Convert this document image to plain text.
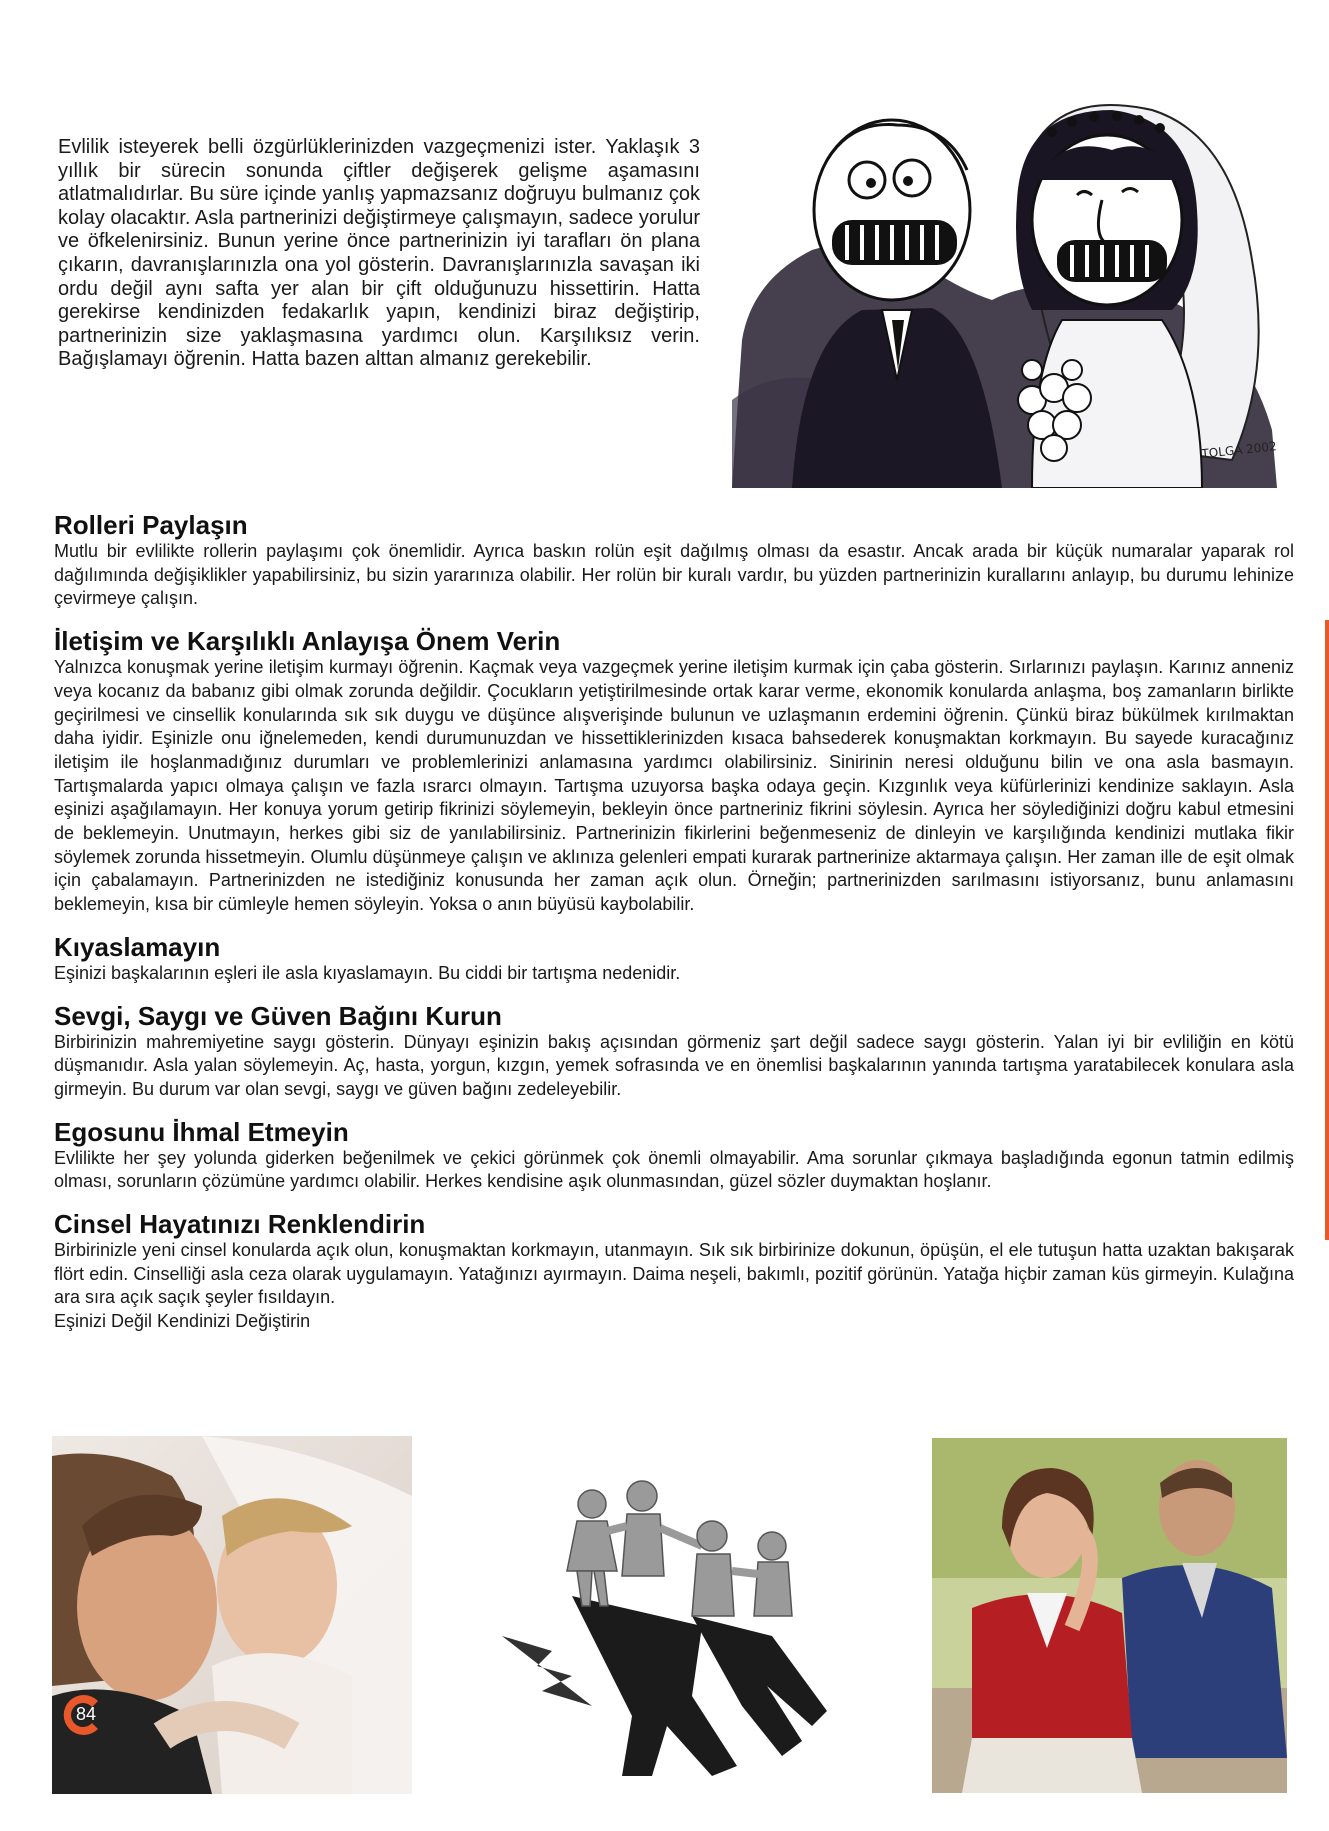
Evlilik isteyerek belli özgürlüklerinizden vazgeçmenizi ister. Yaklaşık 3 yıllık bir sürecin sonunda çiftler değişerek gelişme aşamasını atlatmalıdırlar. Bu süre içinde yanlış yapmazsanız doğruyu bulmanız çok kolay olacaktır. Asla partnerinizi değiştirmeye çalışmayın, sadece yorulur ve öfkelenirsiniz. Bunun yerine önce partnerinizin iyi tarafları ön plana çıkarın, davranışlarınızla ona yol gösterin. Davranışlarınızla savaşan iki ordu değil aynı safta yer alan bir çift olduğunuzu hissettirin. Hatta gerekirse kendinizden fedakarlık yapın, kendinizi biraz değiştirip, partnerinizin size yaklaşmasına yardımcı olun. Karşılıksız verin. Bağışlamayı öğrenin. Hatta bazen alttan almanız gerekebilir.

TOLGA 2002
Rolleri Paylaşın

Mutlu bir evlilikte rollerin paylaşımı çok önemlidir. Ayrıca baskın rolün eşit dağılmış olması da esastır. Ancak arada bir küçük numaralar yaparak rol dağılımında değişiklikler yapabilirsiniz, bu sizin yararınıza olabilir. Her rolün bir kuralı vardır, bu yüzden partnerinizin kurallarını anlayıp, bu durumu lehinize çevirmeye çalışın.

İletişim ve Karşılıklı Anlayışa Önem Verin

Yalnızca konuşmak yerine iletişim kurmayı öğrenin. Kaçmak veya vazgeçmek yerine iletişim kurmak için çaba gösterin. Sırlarınızı paylaşın. Karınız anneniz veya kocanız da babanız gibi olmak zorunda değildir. Çocukların yetiştirilmesinde ortak karar verme, ekonomik konularda anlaşma, boş zamanların birlikte geçirilmesi ve cinsellik konularında sık sık duygu ve düşünce alışverişinde bulunun ve uzlaşmanın erdemini öğrenin. Çünkü biraz bükülmek kırılmaktan daha iyidir. Eşinizle onu iğnelemeden, kendi durumunuzdan ve hissettiklerinizden kısaca bahsederek konuşmaktan korkmayın. Bu sayede kuracağınız iletişim ile hoşlanmadığınız durumları ve problemlerinizi anlamasına yardımcı olabilirsiniz. Sinirinin neresi olduğunu bilin ve ona asla basmayın. Tartışmalarda yapıcı olmaya çalışın ve fazla ısrarcı olmayın. Tartışma uzuyorsa başka odaya geçin. Kızgınlık veya küfürlerinizi kendinize saklayın. Asla eşinizi aşağılamayın. Her konuya yorum getirip fikrinizi söylemeyin, bekleyin önce partneriniz fikrini söylesin. Ayrıca her söylediğinizi doğru kabul etmesini de beklemeyin. Unutmayın, herkes gibi siz de yanılabilirsiniz. Partnerinizin fikirlerini beğenmeseniz de dinleyin ve karşılığında kendinizi mutlaka fikir söylemek zorunda hissetmeyin. Olumlu düşünmeye çalışın ve aklınıza gelenleri empati kurarak partnerinize aktarmaya çalışın. Her zaman ille de eşit olmak için çabalamayın. Partnerinizden ne istediğiniz konusunda her zaman açık olun. Örneğin; partnerinizden sarılmasını istiyorsanız, bunu anlamasını beklemeyin, kısa bir cümleyle hemen söyleyin. Yoksa o anın büyüsü kaybolabilir.

Kıyaslamayın

Eşinizi başkalarının eşleri ile asla kıyaslamayın. Bu ciddi bir tartışma nedenidir.

Sevgi, Saygı ve Güven Bağını Kurun

Birbirinizin mahremiyetine saygı gösterin. Dünyayı eşinizin bakış açısından görmeniz şart değil sadece saygı gösterin. Yalan iyi bir evliliğin en kötü düşmanıdır. Asla yalan söylemeyin. Aç, hasta, yorgun, kızgın, yemek sofrasında ve en önemlisi başkalarının yanında tartışma yaratabilecek konulara asla girmeyin. Bu durum var olan sevgi, saygı ve güven bağını zedeleyebilir.

Egosunu İhmal Etmeyin

Evlilikte her şey yolunda giderken beğenilmek ve çekici görünmek çok önemli olmayabilir. Ama sorunlar çıkmaya başladığında egonun tatmin edilmiş olması, sorunların çözümüne yardımcı olabilir. Herkes kendisine aşık olunmasından, güzel sözler duymaktan hoşlanır.

Cinsel Hayatınızı Renklendirin

Birbirinizle yeni cinsel konularda açık olun, konuşmaktan korkmayın, utanmayın. Sık sık birbirinize dokunun, öpüşün, el ele tutuşun hatta uzaktan bakışarak flört edin. Cinselliği asla ceza olarak uygulamayın. Yatağınızı ayırmayın. Daima neşeli, bakımlı, pozitif görünün. Yatağa hiçbir zaman küs girmeyin. Kulağına ara sıra açık saçık şeyler fısıldayın.

Eşinizi Değil Kendinizi Değiştirin

84
